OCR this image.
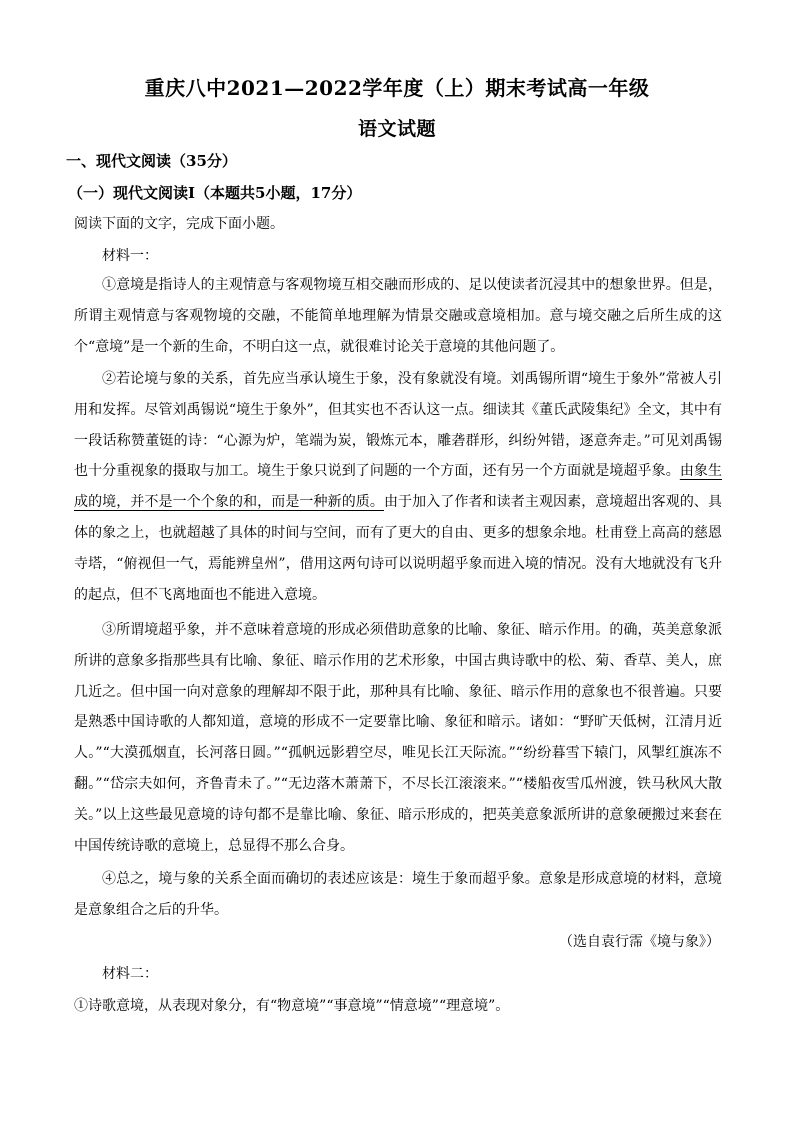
重庆八中2021—2022学年度（上）期末考试高一年级
语文试题
一、现代文阅读（35分）
（一）现代文阅读Ⅰ（本题共5小题，17分）
阅读下面的文字，完成下面小题。
材料一：
①意境是指诗人的主观情意与客观物境互相交融而形成的、足以使读者沉浸其中的想象世界。但是，所谓主观情意与客观物境的交融，不能简单地理解为情景交融或意境相加。意与境交融之后所生成的这个“意境”是一个新的生命，不明白这一点，就很难讨论关于意境的其他问题了。
②若论境与象的关系，首先应当承认境生于象，没有象就没有境。刘禹锡所谓“境生于象外”常被人引用和发挥。尽管刘禹锡说“境生于象外”，但其实也不否认这一点。细读其《董氏武陵集纪》全文，其中有一段话称赞董铤的诗：“心源为炉，笔端为炭，锻炼元本，雕砻群形，纠纷舛错，逐意奔走。”可见刘禹锡也十分重视象的摄取与加工。境生于象只说到了问题的一个方面，还有另一个方面就是境超乎象。由象生成的境，并不是一个个象的和，而是一种新的质。由于加入了作者和读者主观因素，意境超出客观的、具体的象之上，也就超越了具体的时间与空间，而有了更大的自由、更多的想象余地。杜甫登上高高的慈恩寺塔，“俯视但一气，焉能辨皇州”，借用这两句诗可以说明超乎象而进入境的情况。没有大地就没有飞升的起点，但不飞离地面也不能进入意境。
③所谓境超乎象，并不意味着意境的形成必须借助意象的比喻、象征、暗示作用。的确，英美意象派所讲的意象多指那些具有比喻、象征、暗示作用的艺术形象，中国古典诗歌中的松、菊、香草、美人，庶几近之。但中国一向对意象的理解却不限于此，那种具有比喻、象征、暗示作用的意象也不很普遍。只要是熟悉中国诗歌的人都知道，意境的形成不一定要靠比喻、象征和暗示。诸如：“野旷天低树，江清月近人。”“大漠孤烟直，长河落日圆。”“孤帆远影碧空尽，唯见长江天际流。”“纷纷暮雪下辕门，风掣红旗冻不翻。”“岱宗夫如何，齐鲁青未了。”“无边落木萧萧下，不尽长江滚滚来。”“楼船夜雪瓜州渡，铁马秋风大散关。”以上这些最见意境的诗句都不是靠比喻、象征、暗示形成的，把英美意象派所讲的意象硬搬过来套在中国传统诗歌的意境上，总显得不那么合身。
④总之，境与象的关系全面而确切的表述应该是：境生于象而超乎象。意象是形成意境的材料，意境是意象组合之后的升华。
（选自袁行霈《境与象》）
材料二：
①诗歌意境，从表现对象分，有“物意境”“事意境”“情意境”“理意境”。
